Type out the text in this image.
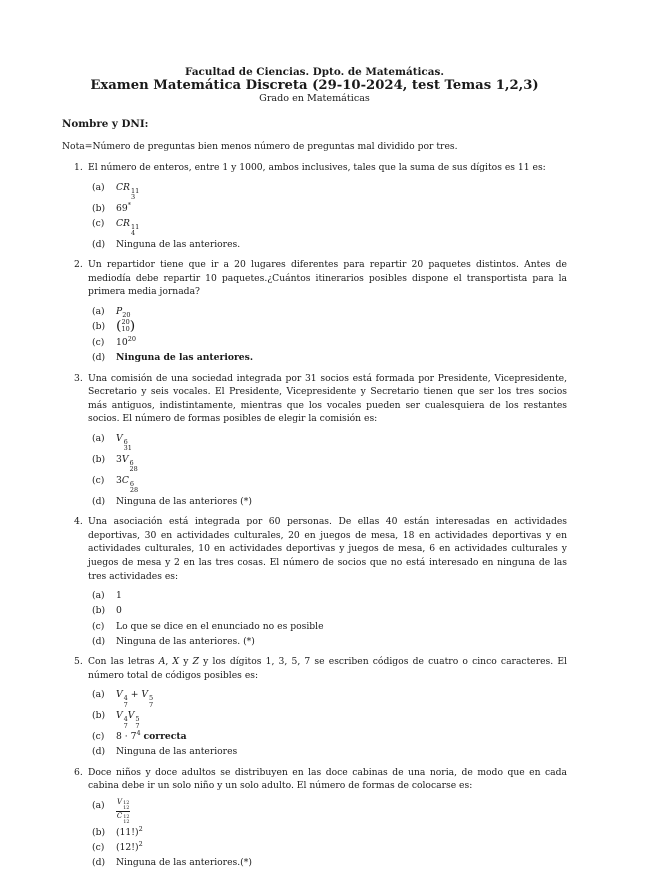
Facultad de Ciencias. Dpto. de Matemáticas.
Examen Matemática Discreta (29-10-2024, test Temas 1,2,3)
Grado en Matemáticas
Nombre y DNI:
Nota=Número de preguntas bien menos número de preguntas mal dividido por tres.
1. El número de enteros, entre 1 y 1000, ambos inclusives, tales que la suma de sus dígitos es 11 es:
(a) CR 11
3
(b) 69*
(c) CR 11
4
(d) Ninguna de las anteriores.
2. Un repartidor tiene que ir a 20 lugares diferentes para repartir 20 paquetes distintos. Antes de mediodía debe repartir 10 paquetes.¿Cuántos itinerarios posibles dispone el transportista para la primera media jornada?
(a) $P_{20}$
(b) ( 20
10 )
(c) $10^{20}$
(d) Ninguna de las anteriores.
3. Una comisión de una sociedad integrada por 31 socios está formada por Presidente, Vicepresidente, Secretario y seis vocales. El Presidente, Vicepresidente y Secretario tienen que ser los tres socios más antiguos, indistintamente, mientras que los vocales pueden ser cualesquiera de los restantes socios. El número de formas posibles de elegir la comisión es:
(a) V 6
31
(b) 3V 6
28
(c) 3C 6
28
(d) Ninguna de las anteriores (*)
4. Una asociación está integrada por 60 personas. De ellas 40 están interesadas en actividades deportivas, 30 en actividades culturales, 20 en juegos de mesa, 18 en actividades deportivas y en actividades culturales, 10 en actividades deportivas y juegos de mesa, 6 en actividades culturales y juegos de mesa y 2 en las tres cosas. El número de socios que no está interesado en ninguna de las tres actividades es:
(a) 1
(b) 0
(c) Lo que se dice en el enunciado no es posible
(d) Ninguna de las anteriores. (*)
5. Con las letras A, X y Z y los dígitos 1, 3, 5, 7 se escriben códigos de cuatro o cinco caracteres. El número total de códigos posibles es:
(a) V 4
7
+ V 5
7
(b) V 4
7
V 5
7
(c) $8 \cdot 7^4$ correcta
(d) Ninguna de las anteriores
6. Doce niños y doce adultos se distribuyen en las doce cabinas de una noria, de modo que en cada cabina debe ir un solo niño y un solo adulto. El número de formas de colocarse es:
(a) V 12
12
C 12
12
(b) $(11!)^2$
(c) $(12!)^2$
(d) Ninguna de las anteriores.(*)
